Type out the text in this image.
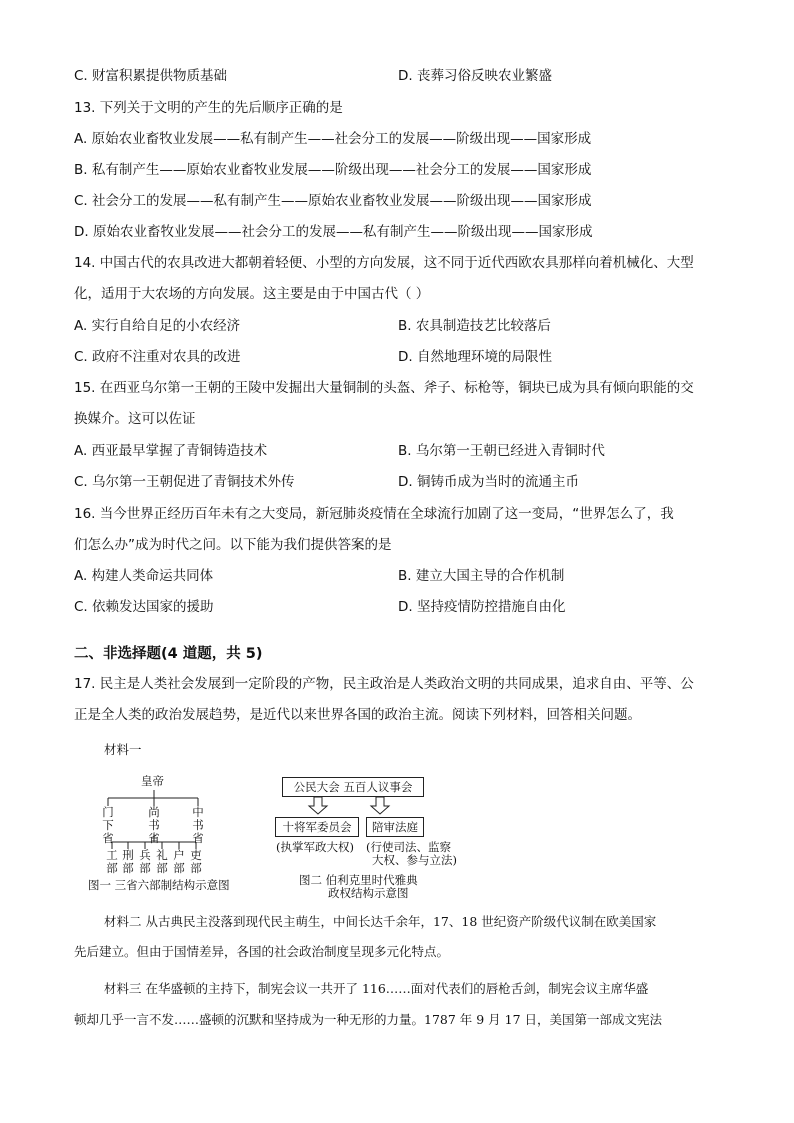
C. 财富积累提供物质基础	D. 丧葬习俗反映农业繁盛
13. 下列关于文明的产生的先后顺序正确的是
A. 原始农业畜牧业发展——私有制产生——社会分工的发展——阶级出现——国家形成
B. 私有制产生——原始农业畜牧业发展——阶级出现——社会分工的发展——国家形成
C. 社会分工的发展——私有制产生——原始农业畜牧业发展——阶级出现——国家形成
D. 原始农业畜牧业发展——社会分工的发展——私有制产生——阶级出现——国家形成
14. 中国古代的农具改进大都朝着轻便、小型的方向发展，这不同于近代西欧农具那样向着机械化、大型
化，适用于大农场的方向发展。这主要是由于中国古代（ ）
A. 实行自给自足的小农经济	B. 农具制造技艺比较落后
C. 政府不注重对农具的改进	D. 自然地理环境的局限性
15. 在西亚乌尔第一王朝的王陵中发掘出大量铜制的头盔、斧子、标枪等，铜块已成为具有倾向职能的交
换媒介。这可以佐证
A. 西亚最早掌握了青铜铸造技术	B. 乌尔第一王朝已经进入青铜时代
C. 乌尔第一王朝促进了青铜技术外传	D. 铜铸币成为当时的流通主币
16. 当今世界正经历百年未有之大变局，新冠肺炎疫情在全球流行加剧了这一变局，“世界怎么了，我
们怎么办”成为时代之问。以下能为我们提供答案的是
A. 构建人类命运共同体	B. 建立大国主导的合作机制
C. 依赖发达国家的援助	D. 坚持疫情防控措施自由化
二、非选择题(4 道题，共 5)
17. 民主是人类社会发展到一定阶段的产物，民主政治是人类政治文明的共同成果，追求自由、平等、公
正是全人类的政治发展趋势，是近代以来世界各国的政治主流。阅读下列材料，回答相关问题。
材料一
皇帝
门下省
尚书省
中书省
工部
刑部
兵部
礼部
户部
吏部
图一 三省六部制结构示意图
公民大会 五百人议事会
十将军委员会	陪审法庭
(执掌军政大权) (行使司法、监察
大权、参与立法)
图二 伯利克里时代雅典
政权结构示意图
材料二 从古典民主没落到现代民主萌生，中间长达千余年，17、18 世纪资产阶级代议制在欧美国家
先后建立。但由于国情差异，各国的社会政治制度呈现多元化特点。
材料三 在华盛顿的主持下，制宪会议一共开了 116……面对代表们的唇枪舌剑，制宪会议主席华盛
顿却几乎一言不发……盛顿的沉默和坚持成为一种无形的力量。1787 年 9 月 17 日，美国第一部成文宪法
